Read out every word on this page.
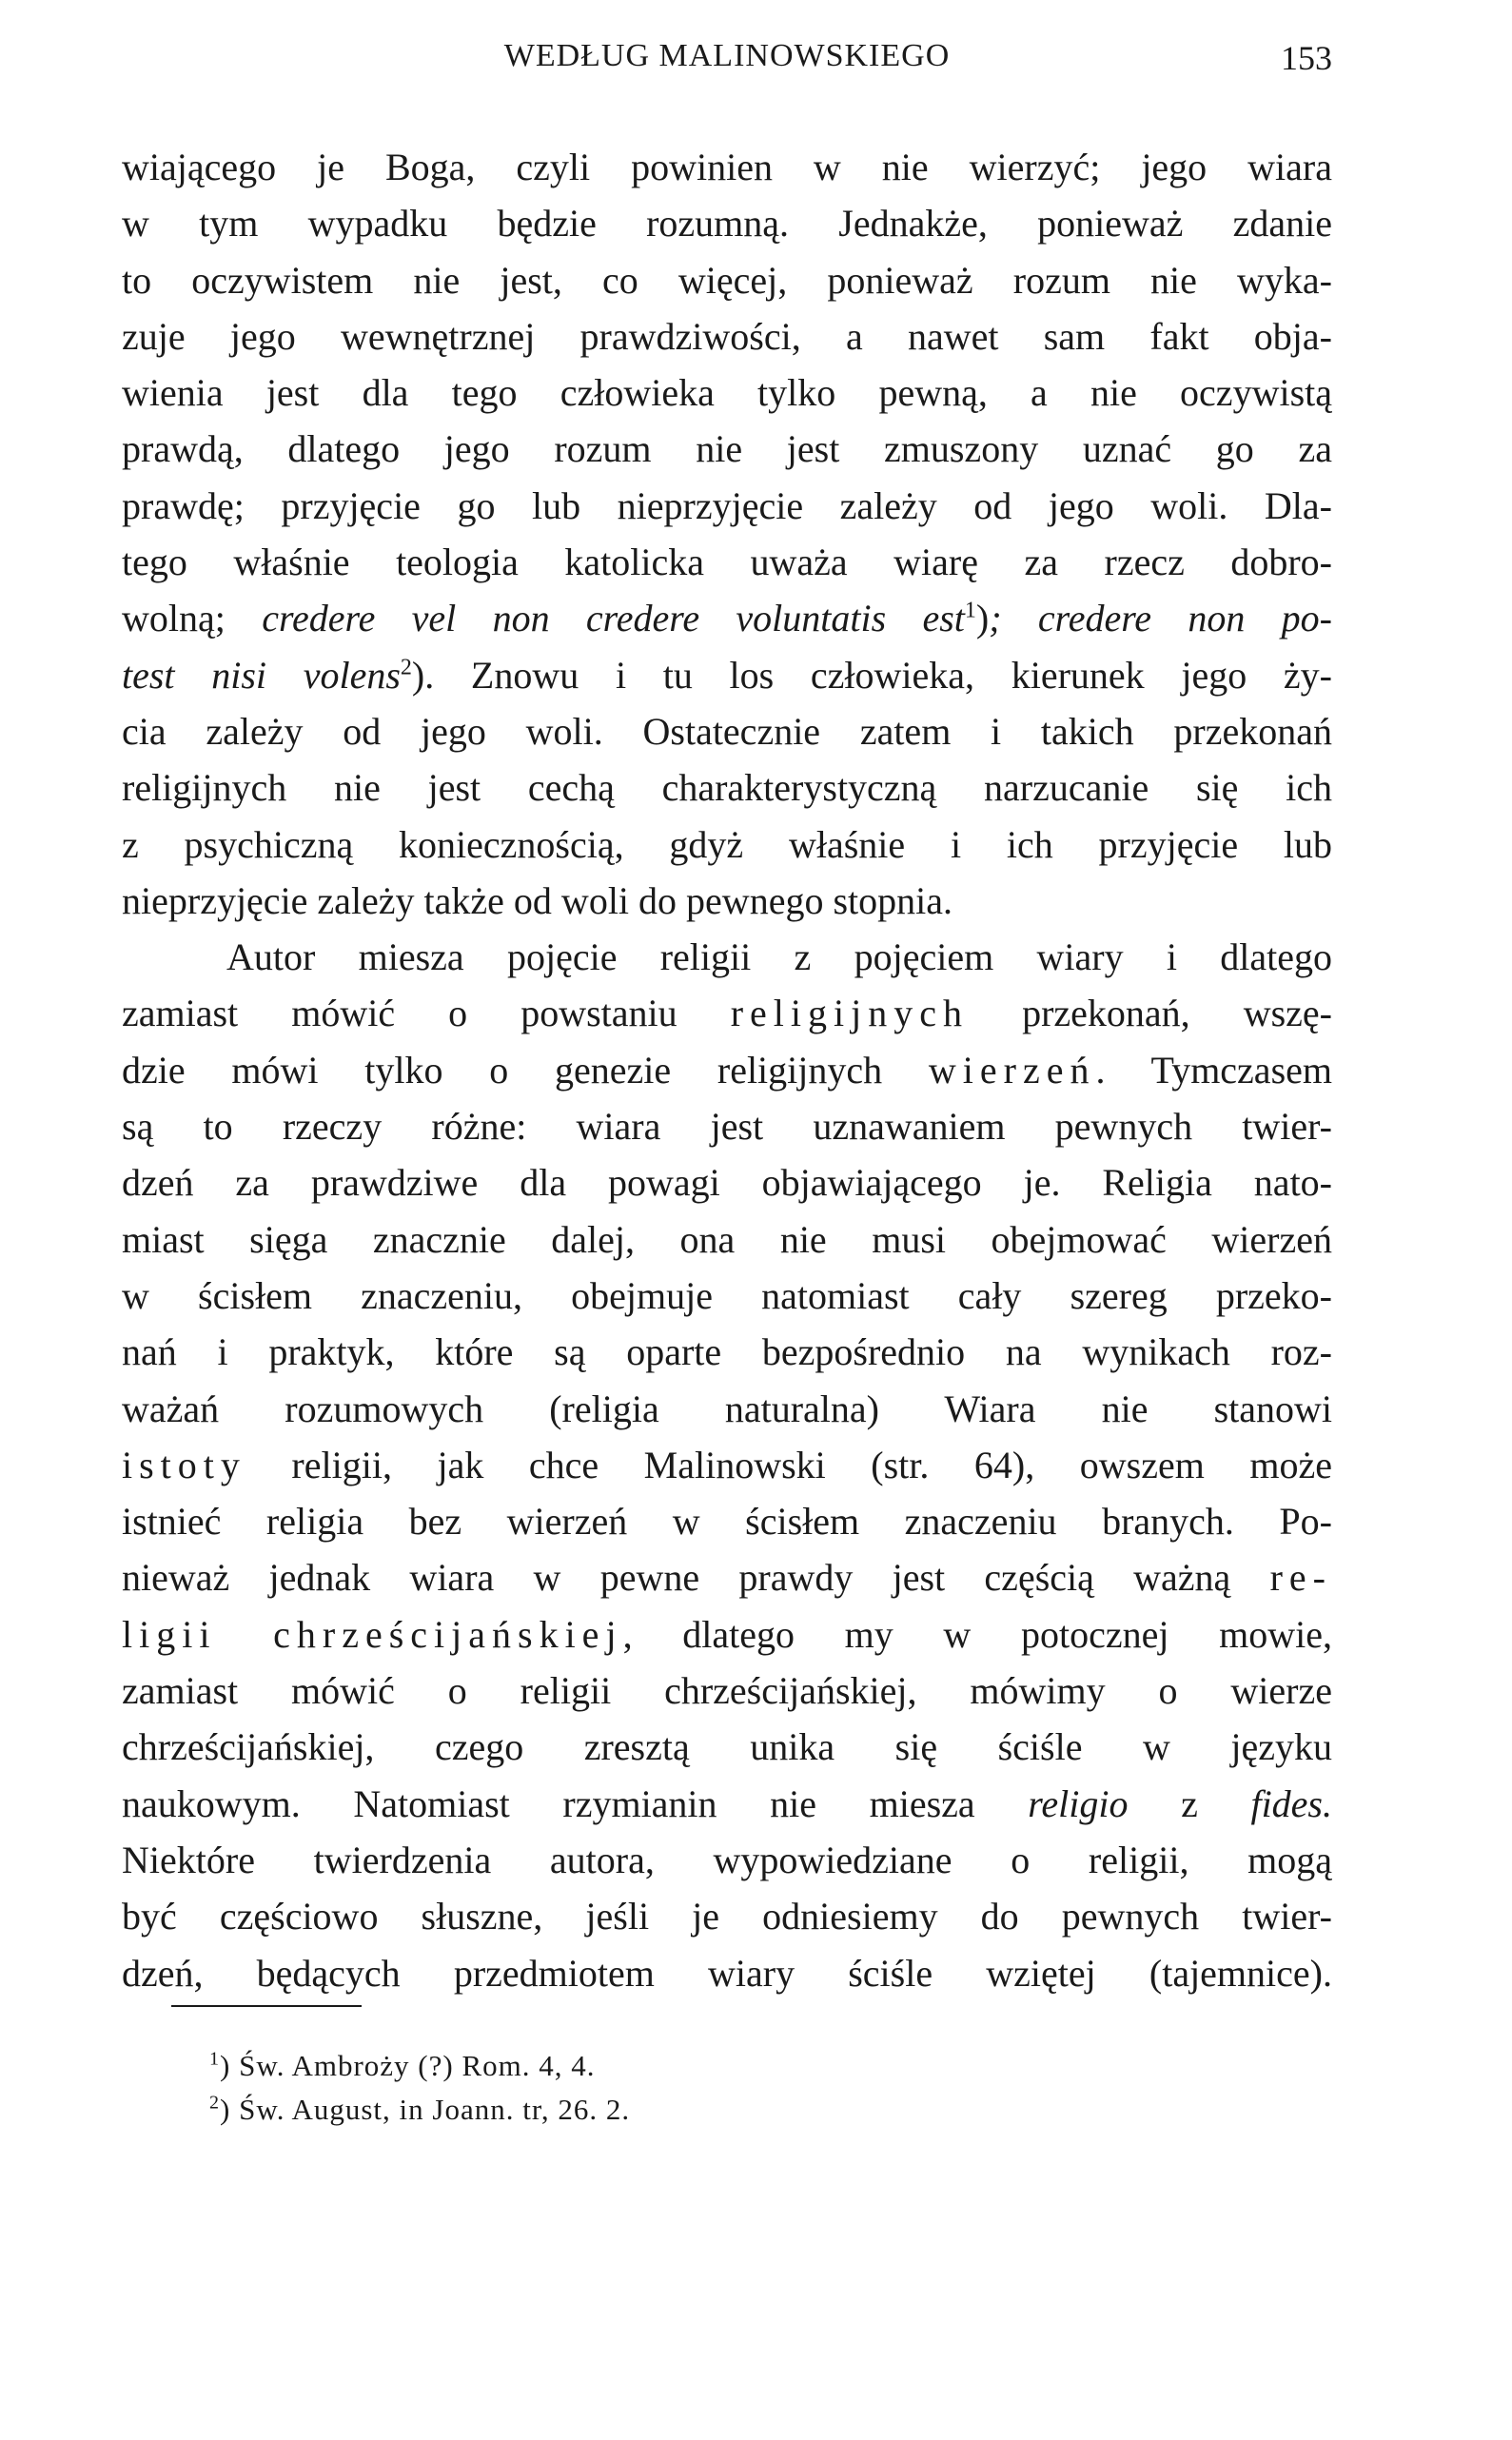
WEDŁUG MALINOWSKIEGO	153
wiającego je Boga, czyli powinien w nie wierzyć; jego wiara
w tym wypadku będzie rozumną. Jednakże, ponieważ zdanie
to oczywistem nie jest, co więcej, ponieważ rozum nie wyka-
zuje jego wewnętrznej prawdziwości, a nawet sam fakt obja-
wienia jest dla tego człowieka tylko pewną, a nie oczywistą
prawdą, dlatego jego rozum nie jest zmuszony uznać go za
prawdę; przyjęcie go lub nieprzyjęcie zależy od jego woli. Dla-
tego właśnie teologia katolicka uważa wiarę za rzecz dobro-
wolną; credere vel non credere voluntatis est$^1$); credere non po-
test nisi volens$^2$). Znowu i tu los człowieka, kierunek jego ży-
cia zależy od jego woli. Ostatecznie zatem i takich przekonań
religijnych nie jest cechą charakterystyczną narzucanie się ich
z psychiczną koniecznością, gdyż właśnie i ich przyjęcie lub
nieprzyjęcie zależy także od woli do pewnego stopnia.
Autor miesza pojęcie religii z pojęciem wiary i dlatego
zamiast mówić o powstaniu religijnych przekonań, wszę-
dzie mówi tylko o genezie religijnych wierzeń. Tymczasem
są to rzeczy różne: wiara jest uznawaniem pewnych twier-
dzeń za prawdziwe dla powagi objawiającego je. Religia nato-
miast sięga znacznie dalej, ona nie musi obejmować wierzeń
w ścisłem znaczeniu, obejmuje natomiast cały szereg przeko-
nań i praktyk, które są oparte bezpośrednio na wynikach roz-
ważań rozumowych (religia naturalna) Wiara nie stanowi
istoty religii, jak chce Malinowski (str. 64), owszem może
istnieć religia bez wierzeń w ścisłem znaczeniu branych. Po-
nieważ jednak wiara w pewne prawdy jest częścią ważną re-
ligii chrześcijańskiej, dlatego my w potocznej mowie,
zamiast mówić o religii chrześcijańskiej, mówimy o wierze
chrześcijańskiej, czego zresztą unika się ściśle w języku
naukowym. Natomiast rzymianin nie miesza religio z fides.
Niektóre twierdzenia autora, wypowiedziane o religii, mogą
być częściowo słuszne, jeśli je odniesiemy do pewnych twier-
dzeń, będących przedmiotem wiary ściśle wziętej (tajemnice).
$^1$) Św. Ambroży (?) Rom. 4, 4.
$^2$) Św. August, in Joann. tr, 26. 2.
